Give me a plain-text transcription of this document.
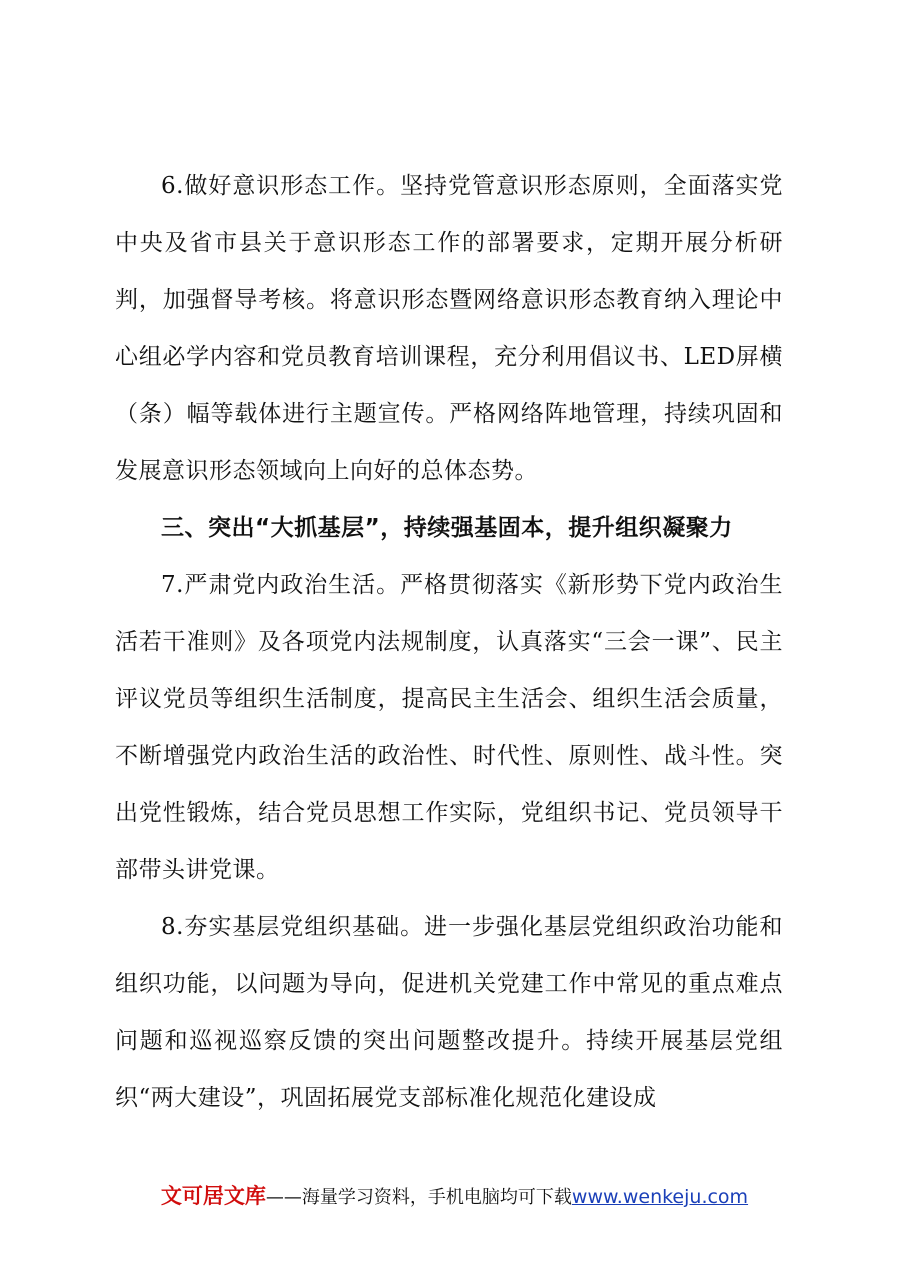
6.做好意识形态工作。坚持党管意识形态原则，全面落实党中央及省市县关于意识形态工作的部署要求，定期开展分析研判，加强督导考核。将意识形态暨网络意识形态教育纳入理论中心组必学内容和党员教育培训课程，充分利用倡议书、LED屏横（条）幅等载体进行主题宣传。严格网络阵地管理，持续巩固和发展意识形态领域向上向好的总体态势。

三、突出“大抓基层”，持续强基固本，提升组织凝聚力

7.严肃党内政治生活。严格贯彻落实《新形势下党内政治生活若干准则》及各项党内法规制度，认真落实“三会一课”、民主评议党员等组织生活制度，提高民主生活会、组织生活会质量，不断增强党内政治生活的政治性、时代性、原则性、战斗性。突出党性锻炼，结合党员思想工作实际，党组织书记、党员领导干部带头讲党课。

8.夯实基层党组织基础。进一步强化基层党组织政治功能和组织功能，以问题为导向，促进机关党建工作中常见的重点难点问题和巡视巡察反馈的突出问题整改提升。持续开展基层党组织“两大建设”，巩固拓展党支部标准化规范化建设成

文可居文库——海量学习资料，手机电脑均可下载www.wenkeju.com
